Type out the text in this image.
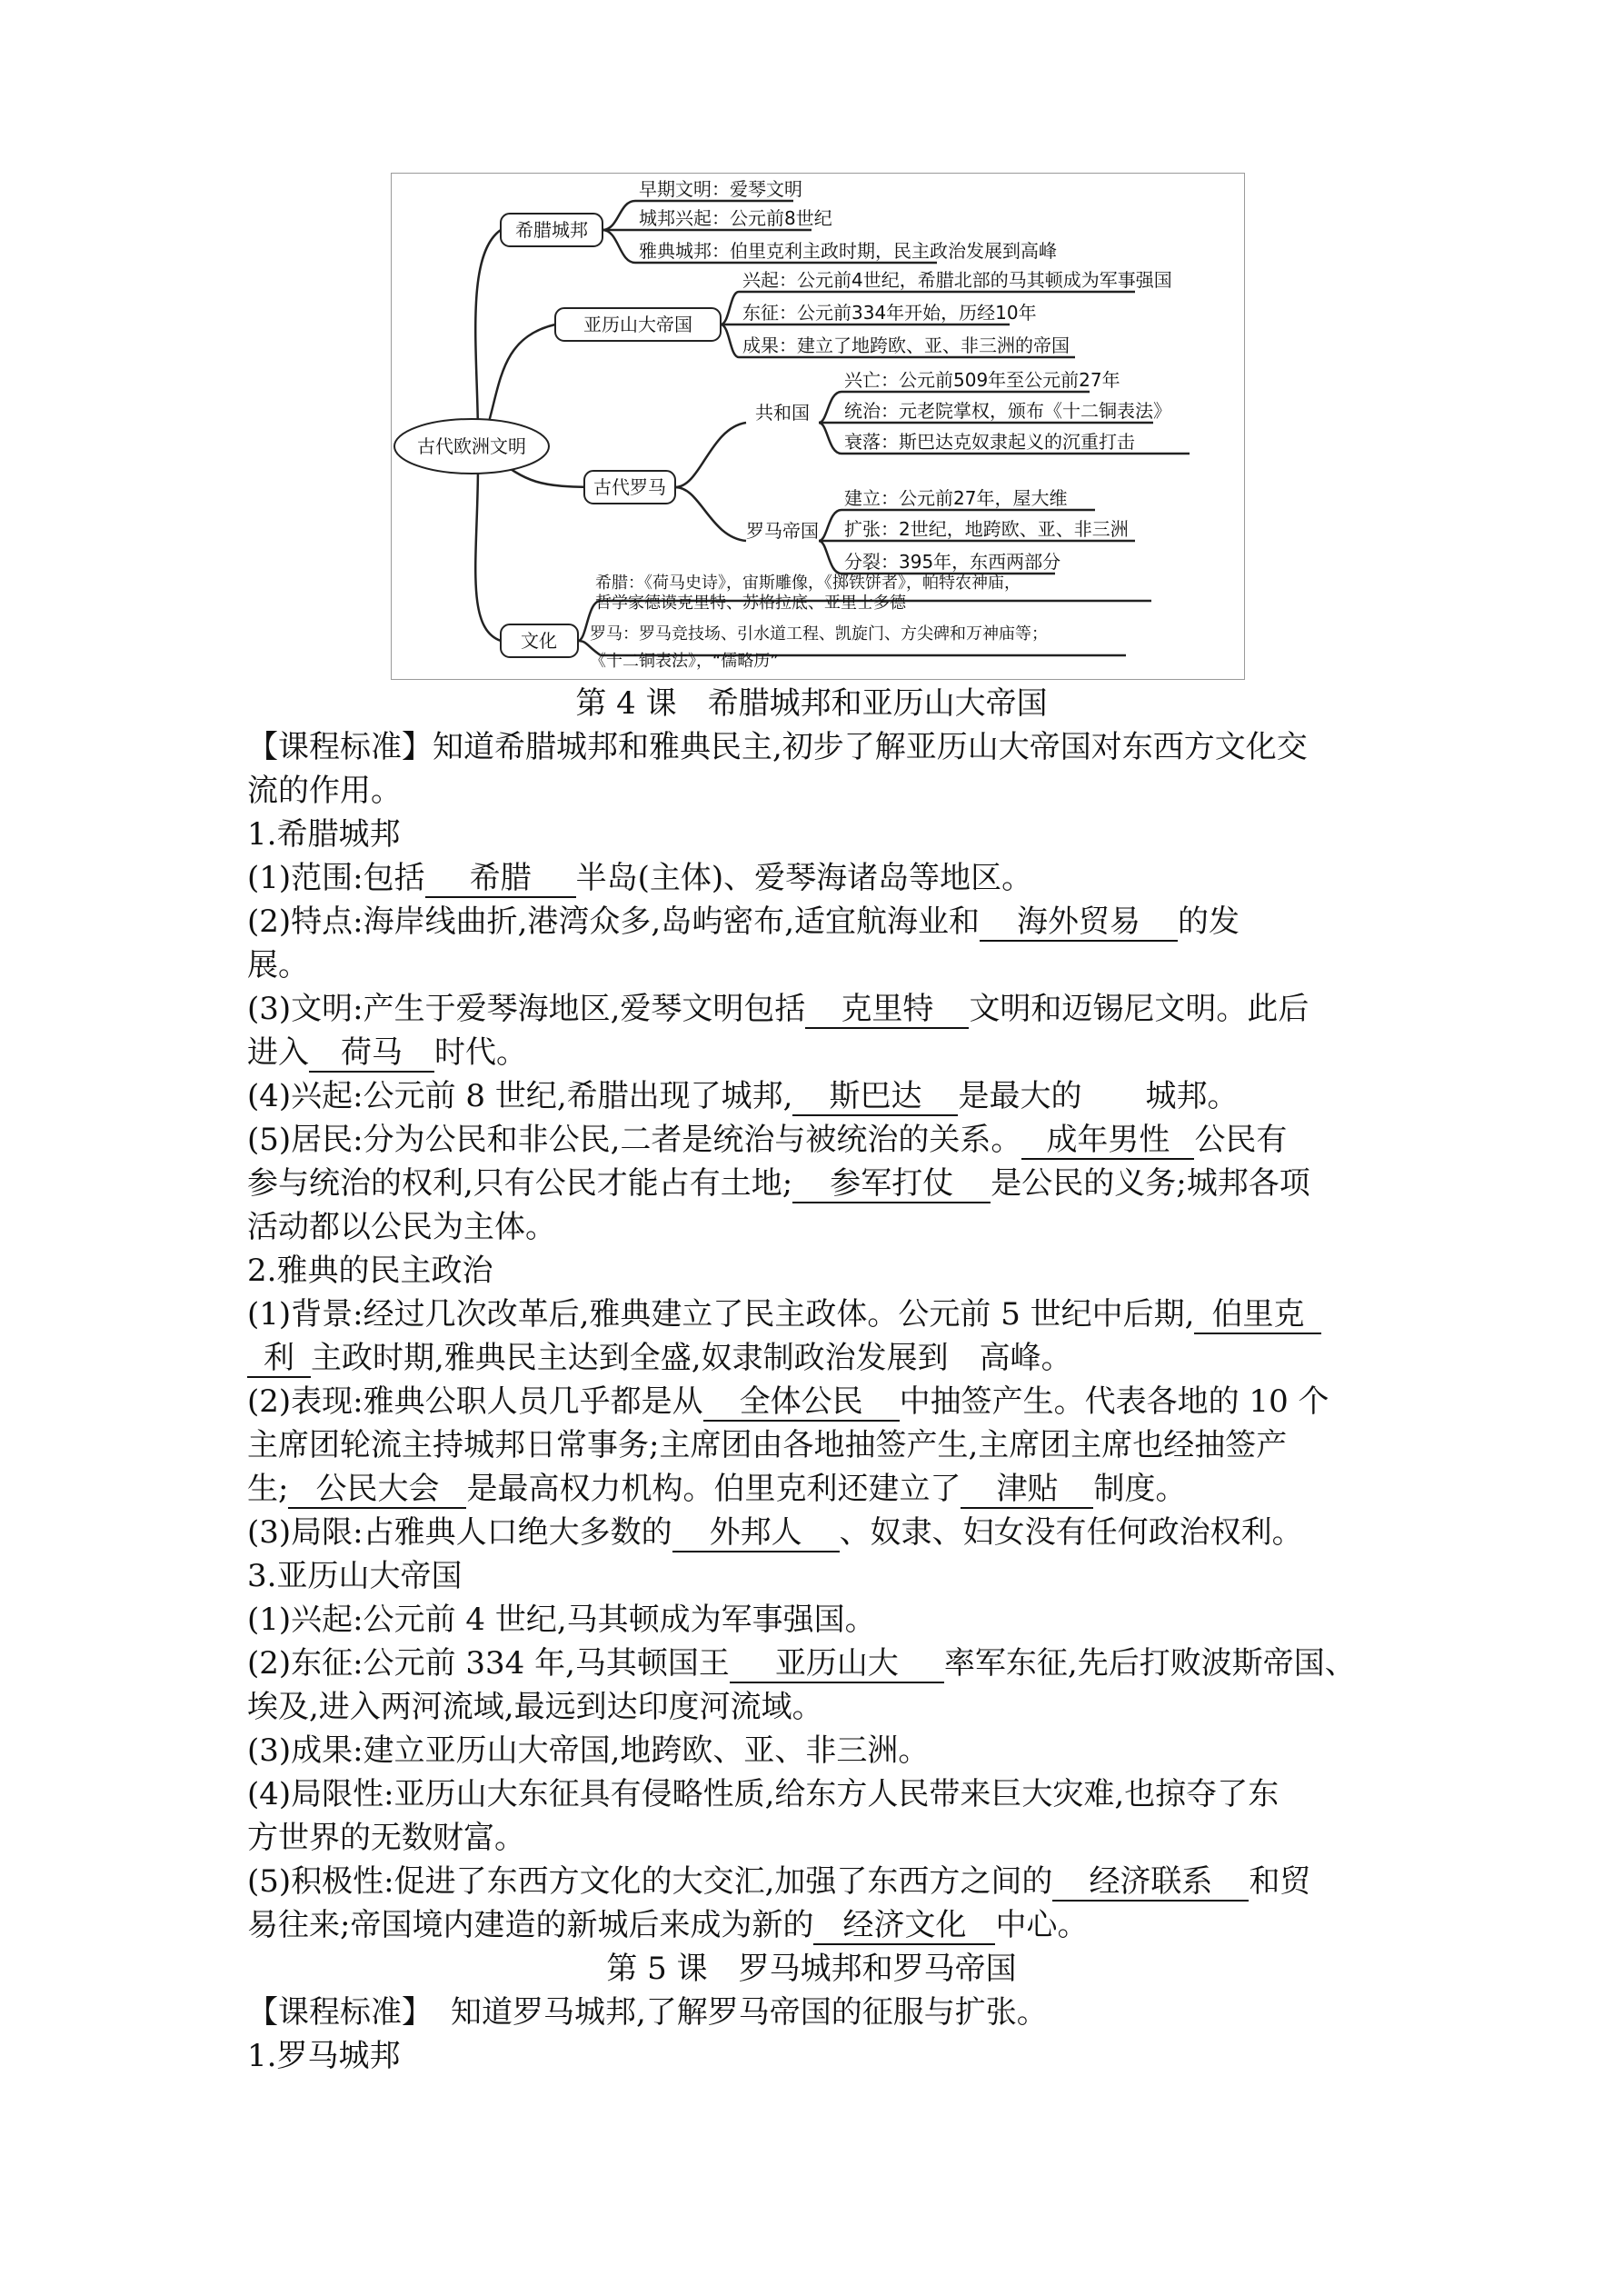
古代欧洲文明
希腊城邦
亚历山大帝国
古代罗马
文化
共和国
罗马帝国
早期文明：爱琴文明
城邦兴起：公元前8世纪
雅典城邦：伯里克利主政时期，民主政治发展到高峰
兴起：公元前4世纪，希腊北部的马其顿成为军事强国
东征：公元前334年开始，历经10年
成果：建立了地跨欧、亚、非三洲的帝国
兴亡：公元前509年至公元前27年
统治：元老院掌权，颁布《十二铜表法》
衰落：斯巴达克奴隶起义的沉重打击
建立：公元前27年，屋大维
扩张：2世纪，地跨欧、亚、非三洲
分裂：395年，东西两部分
希腊：《荷马史诗》，宙斯雕像，《掷铁饼者》，帕特农神庙，
哲学家德谟克里特、苏格拉底、亚里士多德
罗马：罗马竞技场、引水道工程、凯旋门、方尖碑和万神庙等；
《十二铜表法》，“儒略历”
第 4 课　希腊城邦和亚历山大帝国
【课程标准】知道希腊城邦和雅典民主,初步了解亚历山大帝国对东西方文化交
流的作用。
1.希腊城邦
(1)范围:包括 希腊 半岛(主体)、爱琴海诸岛等地区。
(2)特点:海岸线曲折,港湾众多,岛屿密布,适宜航海业和 海外贸易 的发
展。
(3)文明:产生于爱琴海地区,爱琴文明包括 克里特 文明和迈锡尼文明。此后
进入 荷马 时代。
(4)兴起:公元前 8 世纪,希腊出现了城邦, 斯巴达 是最大的 城邦。
(5)居民:分为公民和非公民,二者是统治与被统治的关系。 成年男性 公民有
参与统治的权利,只有公民才能占有土地; 参军打仗 是公民的义务;城邦各项
活动都以公民为主体。
2.雅典的民主政治
(1)背景:经过几次改革后,雅典建立了民主政体。公元前 5 世纪中后期, 伯里克
利 主政时期,雅典民主达到全盛,奴隶制政治发展到 高峰。
(2)表现:雅典公职人员几乎都是从 全体公民 中抽签产生。代表各地的 10 个
主席团轮流主持城邦日常事务;主席团由各地抽签产生,主席团主席也经抽签产
生; 公民大会 是最高权力机构。伯里克利还建立了 津贴 制度。
(3)局限:占雅典人口绝大多数的 外邦人 、奴隶、妇女没有任何政治权利。
3.亚历山大帝国
(1)兴起:公元前 4 世纪,马其顿成为军事强国。
(2)东征:公元前 334 年,马其顿国王 亚历山大 率军东征,先后打败波斯帝国、
埃及,进入两河流域,最远到达印度河流域。
(3)成果:建立亚历山大帝国,地跨欧、亚、非三洲。
(4)局限性:亚历山大东征具有侵略性质,给东方人民带来巨大灾难,也掠夺了东
方世界的无数财富。
(5)积极性:促进了东西方文化的大交汇,加强了东西方之间的 经济联系 和贸
易往来;帝国境内建造的新城后来成为新的 经济文化 中心。
第 5 课　罗马城邦和罗马帝国
【课程标准】 知道罗马城邦,了解罗马帝国的征服与扩张。
1.罗马城邦
